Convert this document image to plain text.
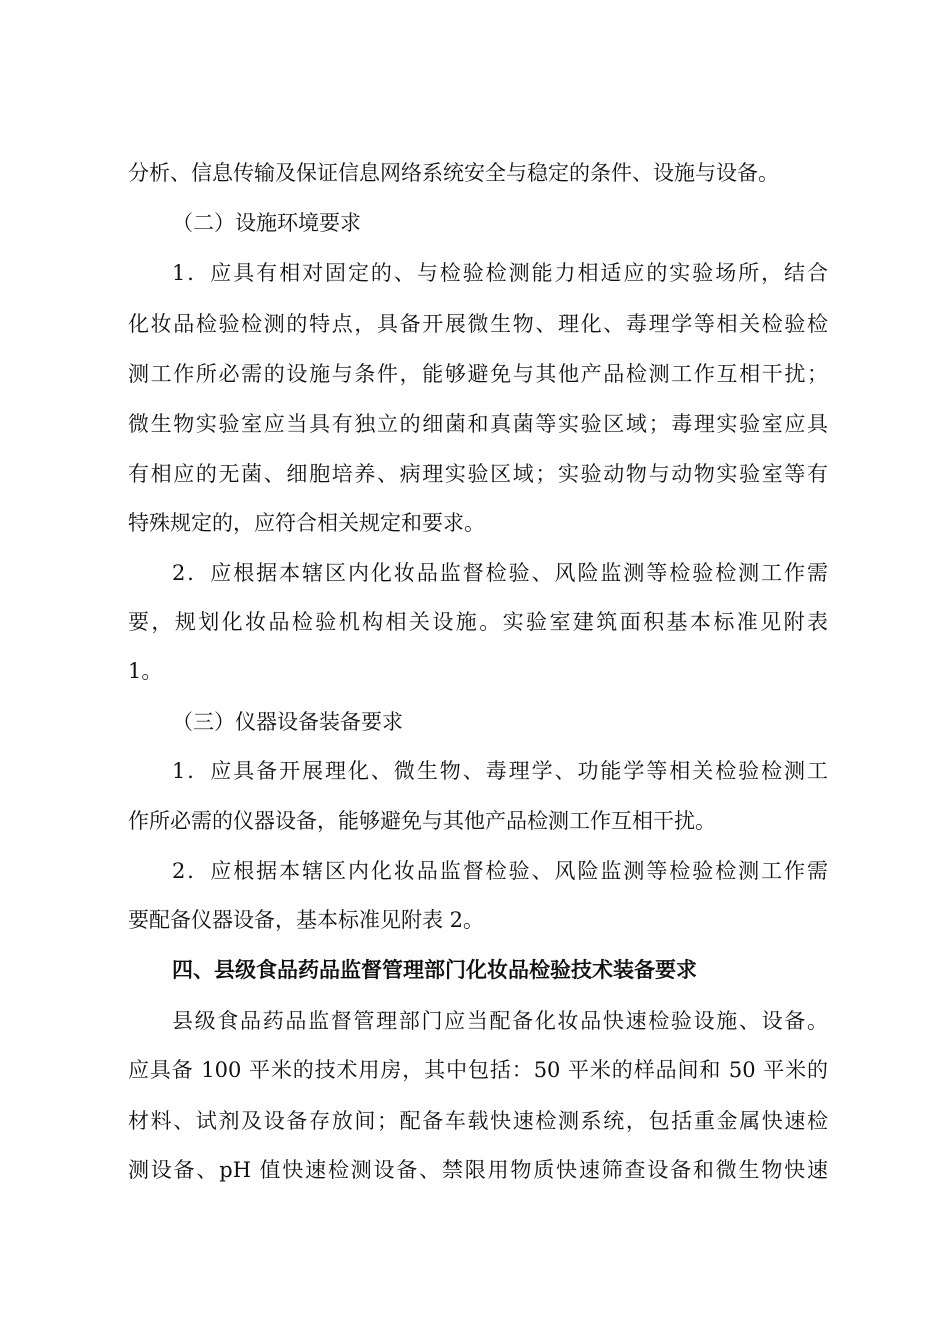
分析、信息传输及保证信息网络系统安全与稳定的条件、设施与设备。
（二）设施环境要求
1．应具有相对固定的、与检验检测能力相适应的实验场所，结合
化妆品检验检测的特点，具备开展微生物、理化、毒理学等相关检验检
测工作所必需的设施与条件，能够避免与其他产品检测工作互相干扰；
微生物实验室应当具有独立的细菌和真菌等实验区域；毒理实验室应具
有相应的无菌、细胞培养、病理实验区域；实验动物与动物实验室等有
特殊规定的，应符合相关规定和要求。
2．应根据本辖区内化妆品监督检验、风险监测等检验检测工作需
要，规划化妆品检验机构相关设施。实验室建筑面积基本标准见附表
1。
（三）仪器设备装备要求
1．应具备开展理化、微生物、毒理学、功能学等相关检验检测工
作所必需的仪器设备，能够避免与其他产品检测工作互相干扰。
2．应根据本辖区内化妆品监督检验、风险监测等检验检测工作需
要配备仪器设备，基本标准见附表 2。
四、县级食品药品监督管理部门化妆品检验技术装备要求
县级食品药品监督管理部门应当配备化妆品快速检验设施、设备。
应具备 100 平米的技术用房，其中包括：50 平米的样品间和 50 平米的
材料、试剂及设备存放间；配备车载快速检测系统，包括重金属快速检
测设备、pH 值快速检测设备、禁限用物质快速筛查设备和微生物快速
